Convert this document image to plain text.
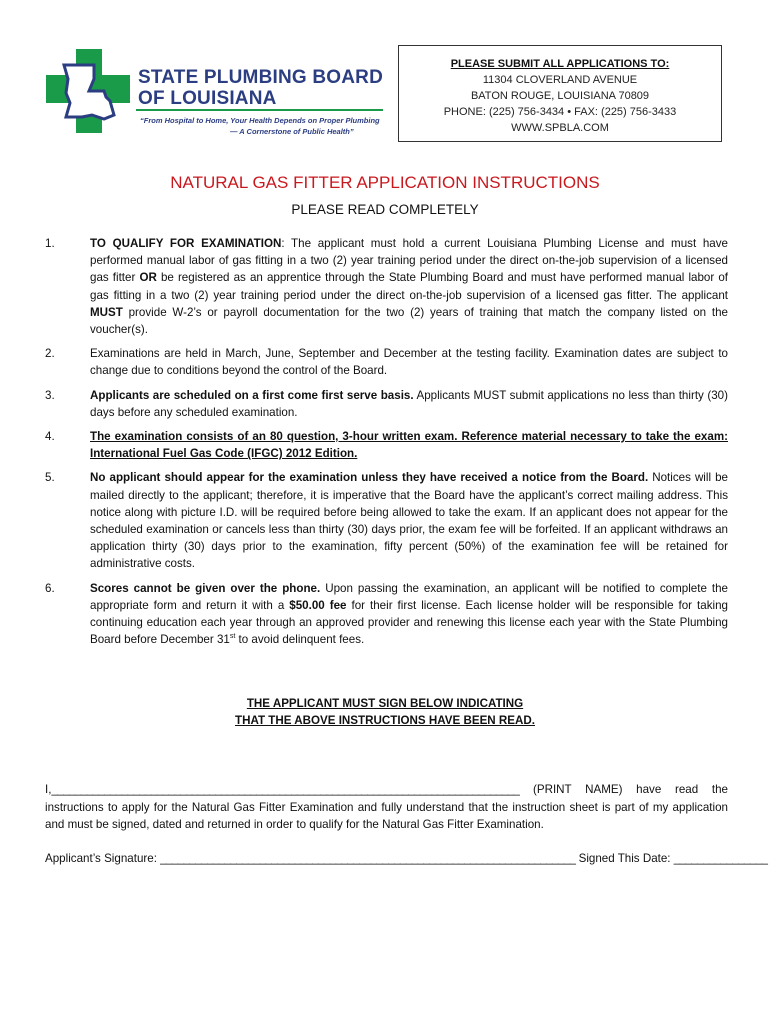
STATE PLUMBING BOARD
OF LOUISIANA
“From Hospital to Home, Your Health Depends on Proper Plumbing
— A Cornerstone of Public Health”
PLEASE SUBMIT ALL APPLICATIONS TO:
11304 CLOVERLAND AVENUE
BATON ROUGE, LOUISIANA 70809
PHONE: (225) 756-3434 • FAX: (225) 756-3433
WWW.SPBLA.COM
NATURAL GAS FITTER APPLICATION INSTRUCTIONS
PLEASE READ COMPLETELY
1.	TO QUALIFY FOR EXAMINATION: The applicant must hold a current Louisiana Plumbing License and must have performed manual labor of gas fitting in a two (2) year training period under the direct on-the-job supervision of a licensed gas fitter OR be registered as an apprentice through the State Plumbing Board and must have performed manual labor of gas fitting in a two (2) year training period under the direct on-the-job supervision of a licensed gas fitter. The applicant MUST provide W-2’s or payroll documentation for the two (2) years of training that match the company listed on the voucher(s).
2.	Examinations are held in March, June, September and December at the testing facility. Examination dates are subject to change due to conditions beyond the control of the Board.
3.	Applicants are scheduled on a first come first serve basis. Applicants MUST submit applications no less than thirty (30) days before any scheduled examination.
4.	The examination consists of an 80 question, 3-hour written exam. Reference material necessary to take the exam: International Fuel Gas Code (IFGC) 2012 Edition.
5.	No applicant should appear for the examination unless they have received a notice from the Board. Notices will be mailed directly to the applicant; therefore, it is imperative that the Board have the applicant’s correct mailing address. This notice along with picture I.D. will be required before being allowed to take the exam. If an applicant does not appear for the scheduled examination or cancels less than thirty (30) days prior, the exam fee will be forfeited. If an applicant withdraws an application thirty (30) days prior to the examination, fifty percent (50%) of the examination fee will be retained for administrative costs.
6.	Scores cannot be given over the phone. Upon passing the examination, an applicant will be notified to complete the appropriate form and return it with a $50.00 fee for their first license. Each license holder will be responsible for taking continuing education each year through an approved provider and renewing this license each year with the State Plumbing Board before December 31st to avoid delinquent fees.
THE APPLICANT MUST SIGN BELOW INDICATING
THAT THE ABOVE INSTRUCTIONS HAVE BEEN READ.
I,________________________________________________________________________________ (PRINT NAME) have read the instructions to apply for the Natural Gas Fitter Examination and fully understand that the instruction sheet is part of my application and must be signed, dated and returned in order to qualify for the Natural Gas Fitter Examination.
Applicant’s Signature: _______________________________________________________________________ Signed This Date: ________________
